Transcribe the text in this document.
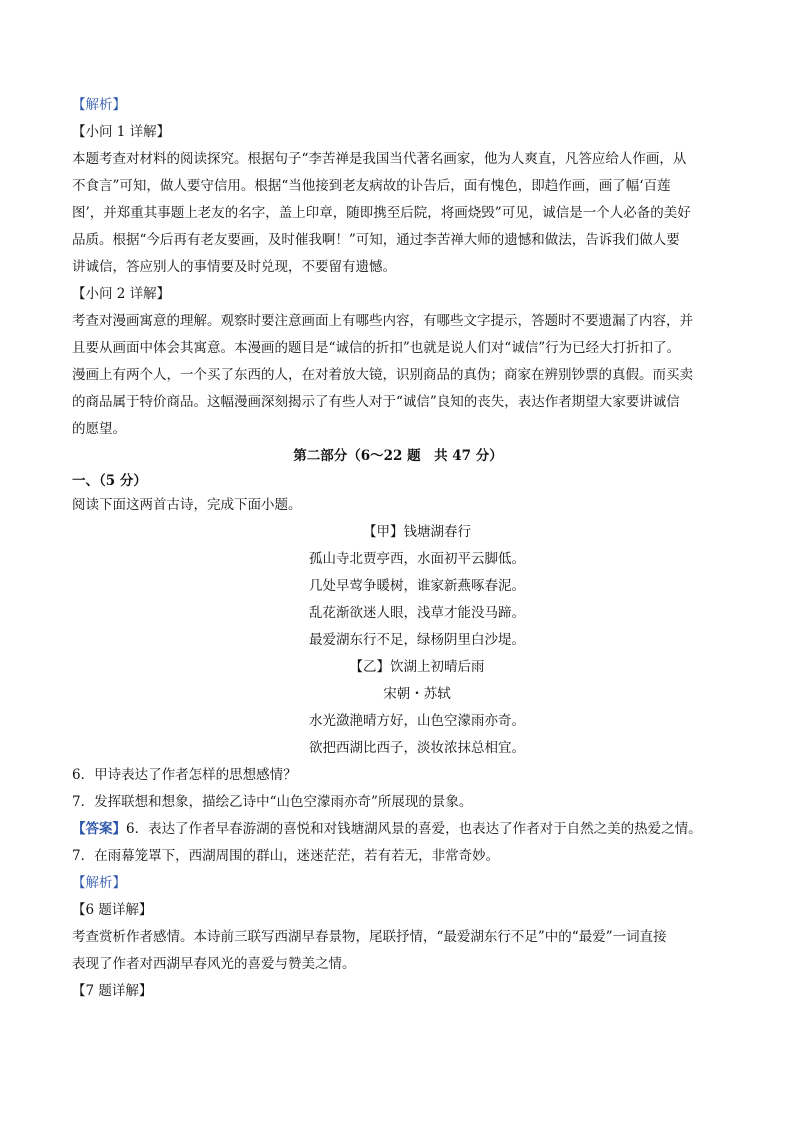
【解析】
【小问 1 详解】
本题考查对材料的阅读探究。根据句子“李苦禅是我国当代著名画家，他为人爽直，凡答应给人作画，从
不食言”可知，做人要守信用。根据“当他接到老友病故的讣告后，面有愧色，即趋作画，画了幅‘百莲
图’，并郑重其事题上老友的名字，盖上印章，随即携至后院，将画烧毁”可见，诚信是一个人必备的美好
品质。根据“今后再有老友要画，及时催我啊！”可知，通过李苦禅大师的遗憾和做法，告诉我们做人要
讲诚信，答应别人的事情要及时兑现，不要留有遗憾。
【小问 2 详解】
考查对漫画寓意的理解。观察时要注意画面上有哪些内容，有哪些文字提示，答题时不要遗漏了内容，并
且要从画面中体会其寓意。本漫画的题目是“诚信的折扣”也就是说人们对“诚信”行为已经大打折扣了。
漫画上有两个人，一个买了东西的人，在对着放大镜，识别商品的真伪；商家在辨别钞票的真假。而买卖
的商品属于特价商品。这幅漫画深刻揭示了有些人对于“诚信”良知的丧失，表达作者期望大家要讲诚信
的愿望。
第二部分（6～22 题　共 47 分）
一、（5 分）
阅读下面这两首古诗，完成下面小题。
【甲】钱塘湖春行
孤山寺北贾亭西，水面初平云脚低。
几处早莺争暖树，谁家新燕啄春泥。
乱花渐欲迷人眼，浅草才能没马蹄。
最爱湖东行不足，绿杨阴里白沙堤。
【乙】饮湖上初晴后雨
宋朝・苏轼
水光潋滟晴方好，山色空濛雨亦奇。
欲把西湖比西子，淡妆浓抹总相宜。
6．甲诗表达了作者怎样的思想感情？
7．发挥联想和想象，描绘乙诗中“山色空濛雨亦奇”所展现的景象。
【答案】6．表达了作者早春游湖的喜悦和对钱塘湖风景的喜爱，也表达了作者对于自然之美的热爱之情。
7．在雨幕笼罩下，西湖周围的群山，迷迷茫茫，若有若无，非常奇妙。
【解析】
【6 题详解】
考查赏析作者感情。本诗前三联写西湖早春景物，尾联抒情，“最爱湖东行不足”中的“最爱”一词直接
表现了作者对西湖早春风光的喜爱与赞美之情。
【7 题详解】
